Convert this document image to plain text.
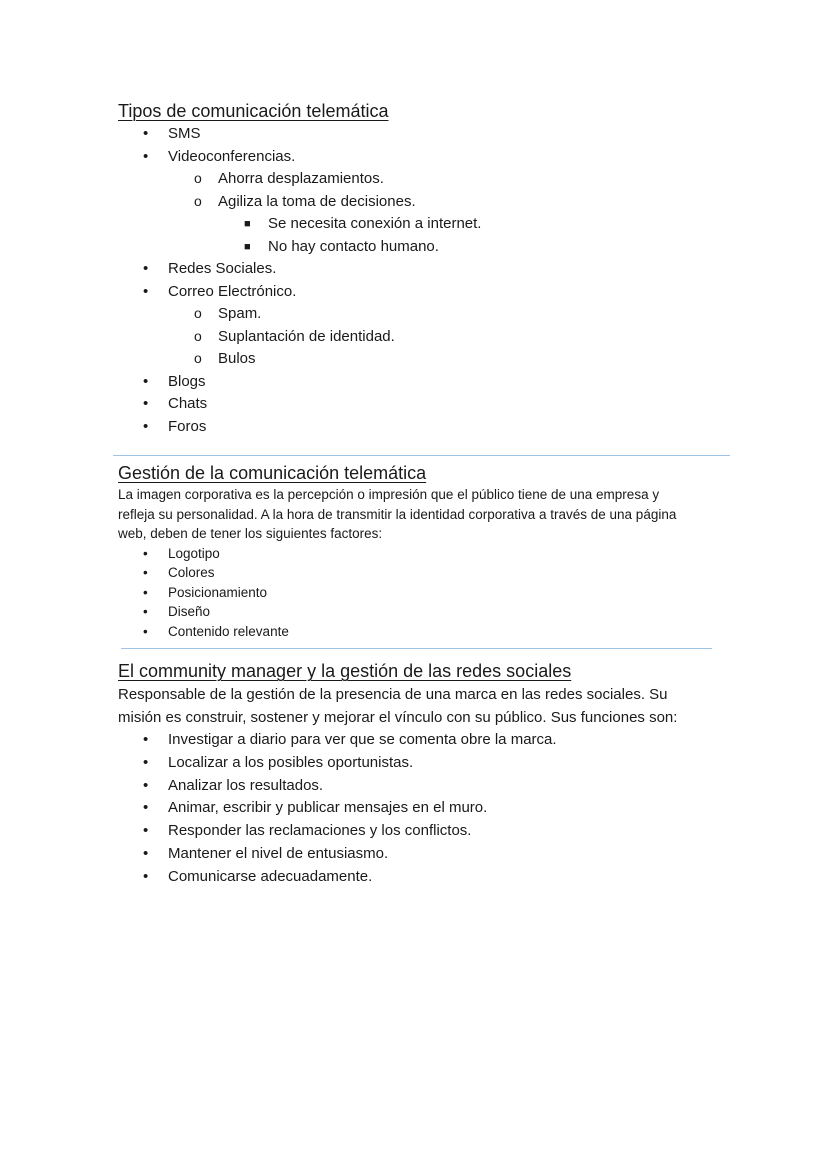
Tipos de comunicación telemática
• SMS
• Videoconferencias.
o Ahorra desplazamientos.
o Agiliza la toma de decisiones.
■ Se necesita conexión a internet.
■ No hay contacto humano.
• Redes Sociales.
• Correo Electrónico.
o Spam.
o Suplantación de identidad.
o Bulos
• Blogs
• Chats
• Foros
Gestión de la comunicación telemática

La imagen corporativa es la percepción o impresión que el público tiene de una empresa y
refleja su personalidad. A la hora de transmitir la identidad corporativa a través de una página
web, deben de tener los siguientes factores:

• Logotipo
• Colores
• Posicionamiento
• Diseño
• Contenido relevante
El community manager y la gestión de las redes sociales

Responsable de la gestión de la presencia de una marca en las redes sociales. Su
misión es construir, sostener y mejorar el vínculo con su público. Sus funciones son:

• Investigar a diario para ver que se comenta obre la marca.
• Localizar a los posibles oportunistas.
• Analizar los resultados.
• Animar, escribir y publicar mensajes en el muro.
• Responder las reclamaciones y los conflictos.
• Mantener el nivel de entusiasmo.
• Comunicarse adecuadamente.
